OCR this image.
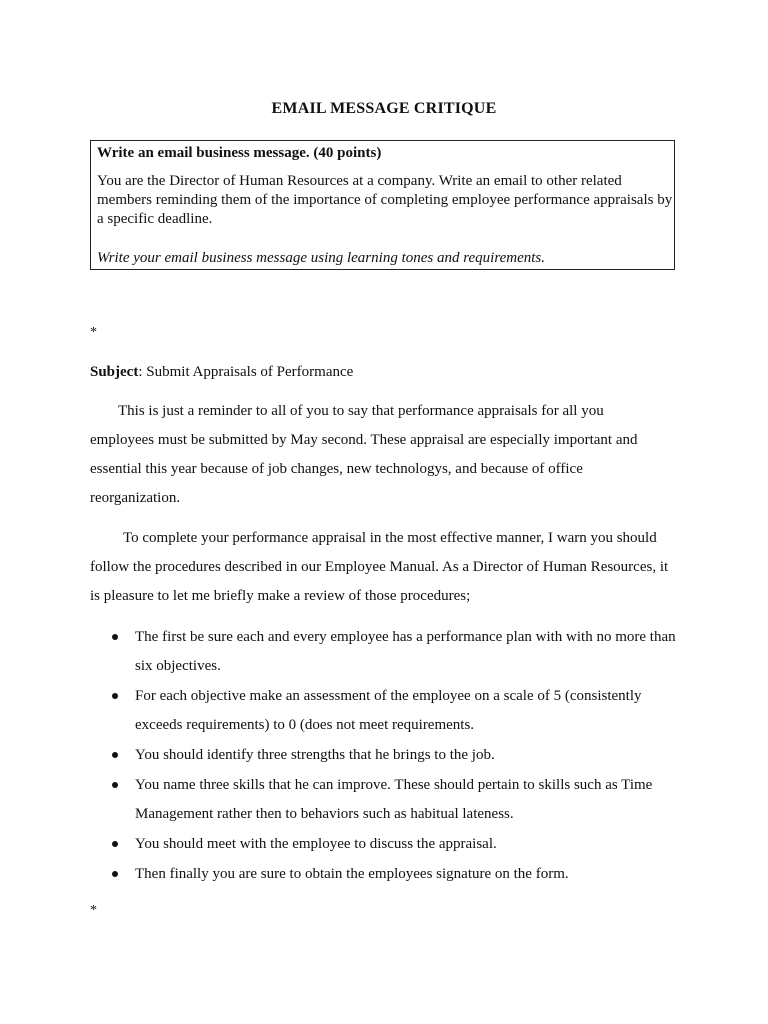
EMAIL MESSAGE CRITIQUE

Write an email business message. (40 points)

You are the Director of Human Resources at a company. Write an email to other related members reminding them of the importance of completing employee performance appraisals by a specific deadline.

Write your email business message using learning tones and requirements.

*
Subject: Submit Appraisals of Performance

This is just a reminder to all of you to say that performance appraisals for all you employees must be submitted by May second. These appraisal are especially important and essential this year because of job changes, new technologys, and because of office reorganization.

To complete your performance appraisal in the most effective manner, I warn you should follow the procedures described in our Employee Manual. As a Director of Human Resources, it is pleasure to let me briefly make a review of those procedures;

The first be sure each and every employee has a performance plan with with no more than six objectives.
For each objective make an assessment of the employee on a scale of 5 (consistently exceeds requirements) to 0 (does not meet requirements.
You should identify three strengths that he brings to the job.
You name three skills that he can improve. These should pertain to skills such as Time Management rather then to behaviors such as habitual lateness.
You should meet with the employee to discuss the appraisal.
Then finally you are sure to obtain the employees signature on the form.
*
